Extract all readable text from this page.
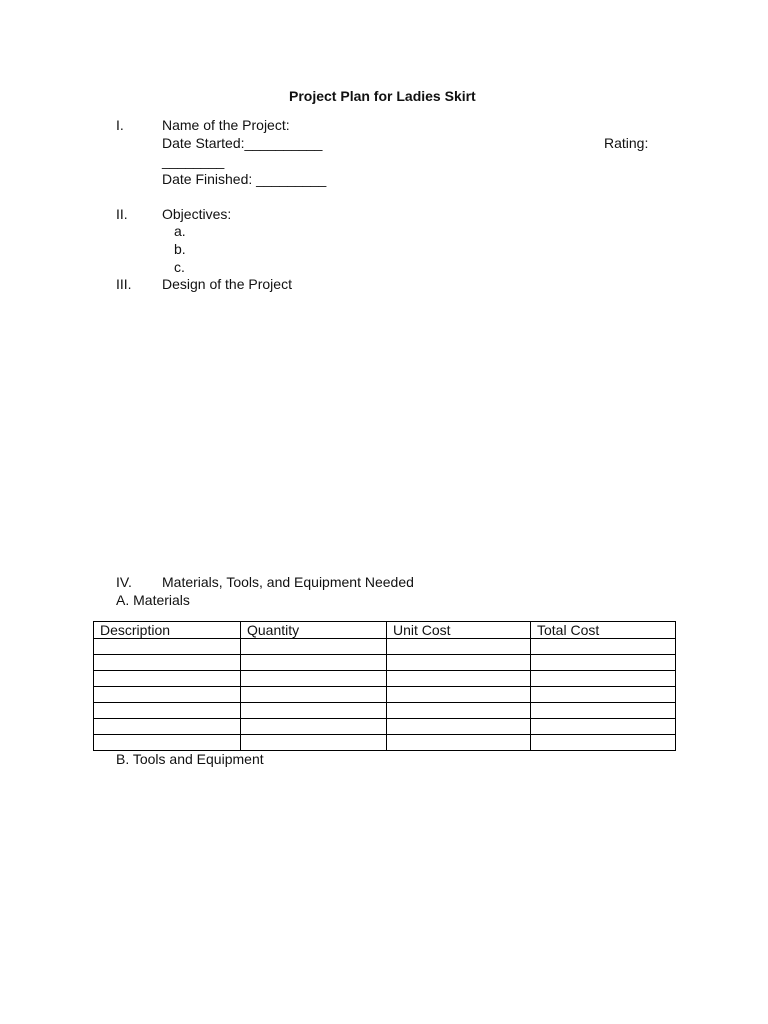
Project Plan for Ladies Skirt
I.	Name of the Project:
Date Started:__________	Rating:
________
Date Finished: _________
II. Objectives:
a.
b.
c.
III. Design of the Project
IV. Materials, Tools, and Equipment Needed
A. Materials
Description	Quantity	Unit Cost	Total Cost

B. Tools and Equipment
